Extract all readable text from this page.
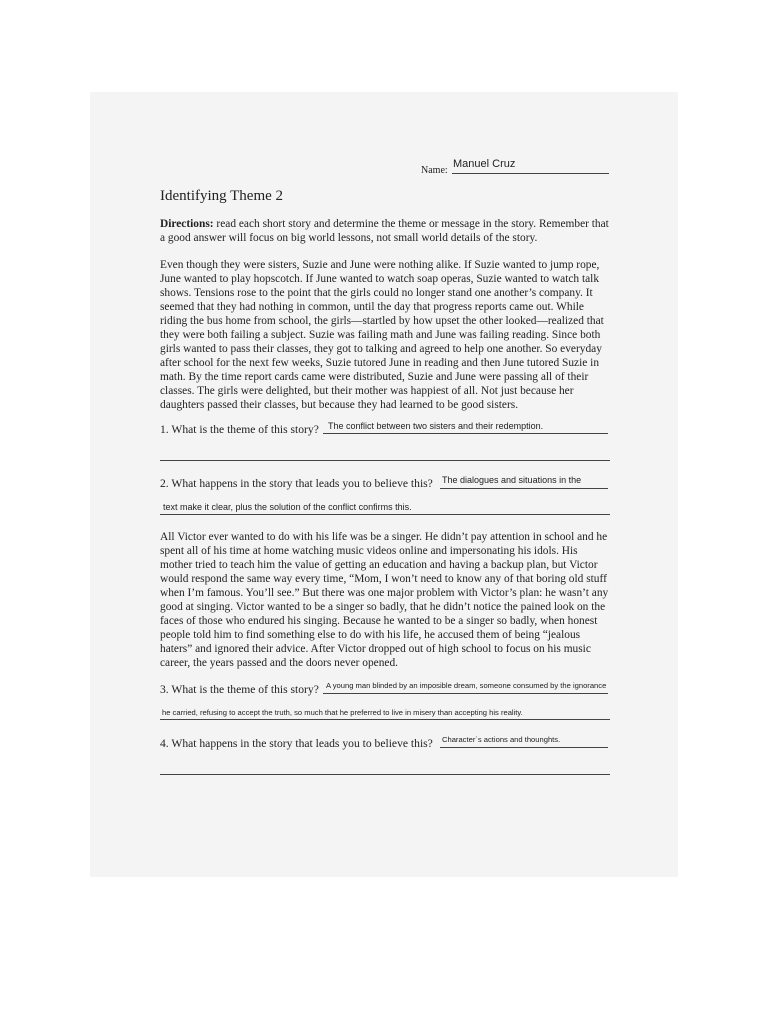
Name:
Manuel Cruz
Identifying Theme 2
Directions: read each short story and determine the theme or message in the story. Remember that a good answer will focus on big world lessons, not small world details of the story.
Even though they were sisters, Suzie and June were nothing alike. If Suzie wanted to jump rope, June wanted to play hopscotch. If June wanted to watch soap operas, Suzie wanted to watch talk shows. Tensions rose to the point that the girls could no longer stand one another’s company. It seemed that they had nothing in common, until the day that progress reports came out. While riding the bus home from school, the girls—startled by how upset the other looked—realized that they were both failing a subject. Suzie was failing math and June was failing reading. Since both girls wanted to pass their classes, they got to talking and agreed to help one another. So everyday after school for the next few weeks, Suzie tutored June in reading and then June tutored Suzie in math. By the time report cards came were distributed, Suzie and June were passing all of their classes. The girls were delighted, but their mother was happiest of all. Not just because her daughters passed their classes, but because they had learned to be good sisters.
1. What is the theme of this story? The conflict between two sisters and their redemption.
2. What happens in the story that leads you to believe this? The dialogues and situations in the
text make it clear, plus the solution of the conflict confirms this.
All Victor ever wanted to do with his life was be a singer. He didn’t pay attention in school and he spent all of his time at home watching music videos online and impersonating his idols. His mother tried to teach him the value of getting an education and having a backup plan, but Victor would respond the same way every time, “Mom, I won’t need to know any of that boring old stuff when I’m famous. You’ll see.” But there was one major problem with Victor’s plan: he wasn’t any good at singing. Victor wanted to be a singer so badly, that he didn’t notice the pained look on the faces of those who endured his singing. Because he wanted to be a singer so badly, when honest people told him to find something else to do with his life, he accused them of being “jealous haters” and ignored their advice. After Victor dropped out of high school to focus on his music career, the years passed and the doors never opened.
3. What is the theme of this story? A young man blinded by an imposible dream, someone consumed by the ignorance
he carried, refusing to accept the truth, so much that he preferred to live in misery than accepting his reality.
4. What happens in the story that leads you to believe this? Character´s actions and thounghts.
